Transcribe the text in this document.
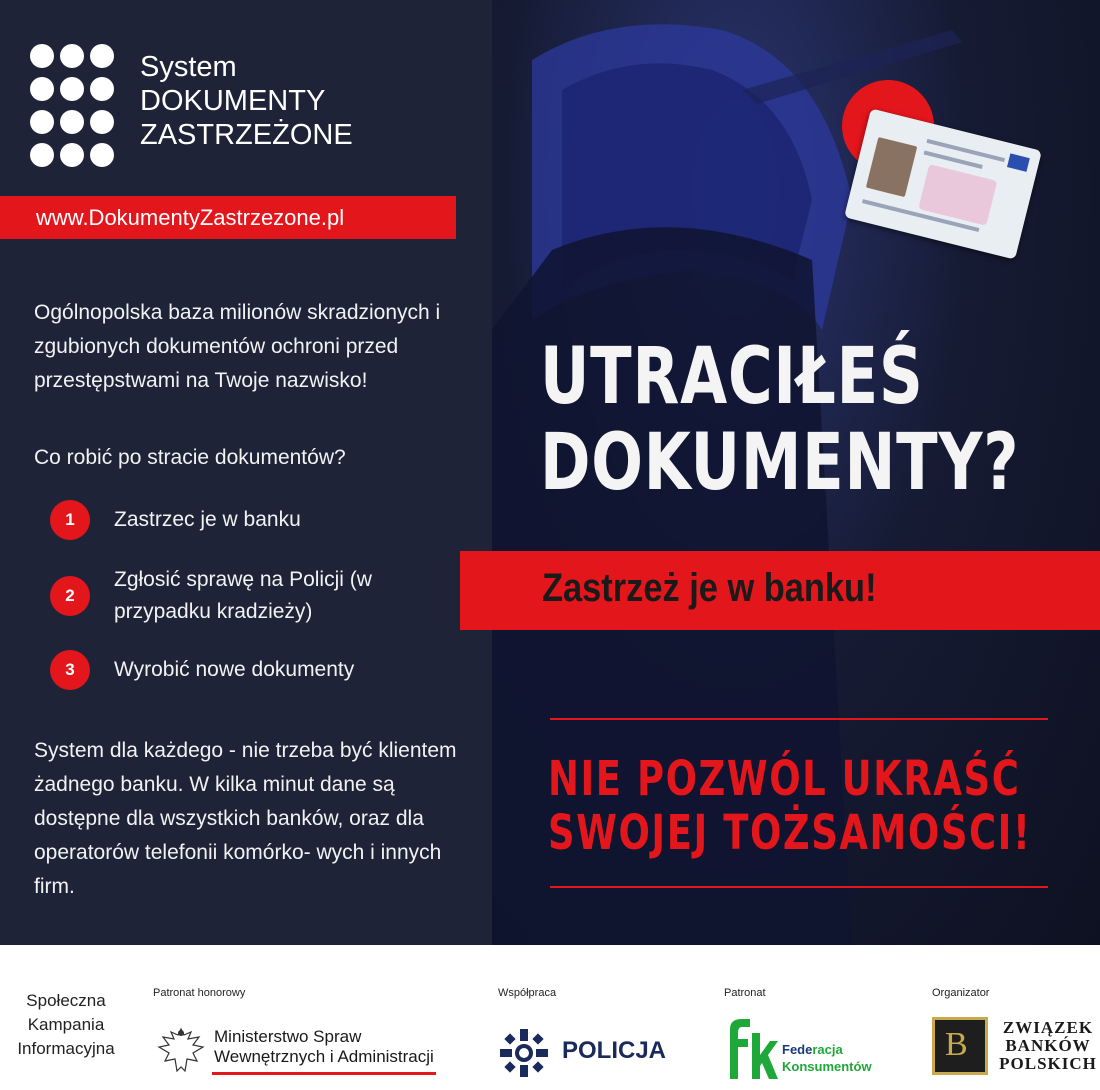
System
DOKUMENTY
ZASTRZEŻONE
www.DokumentyZastrzezone.pl
Ogólnopolska baza milionów skradzionych i zgubionych dokumentów ochroni przed przestępstwami na Twoje nazwisko!
Co robić po stracie dokumentów?
1	Zastrzec je w banku
2
Zgłosić sprawę na Policji (w przypadku kradzieży)
3	Wyrobić nowe dokumenty
System dla każdego - nie trzeba być klientem żadnego banku. W kilka minut dane są dostępne dla wszystkich banków, oraz dla operatorów telefonii komórko- wych i innych firm.
UTRACIŁEŚ
DOKUMENTY?
Zastrzeż je w banku!
NIE POZWÓL UKRAŚĆ
SWOJEJ TOŻSAMOŚCI!
Społeczna
Kampania
Informacyjna
Patronat honorowy
Ministerstwo Spraw
Wewnętrznych i Administracji
Współpraca
POLICJA
Patronat
Federacja
Konsumentów
Organizator
B	ZWIĄZEK
BANKÓW
POLSKICH
